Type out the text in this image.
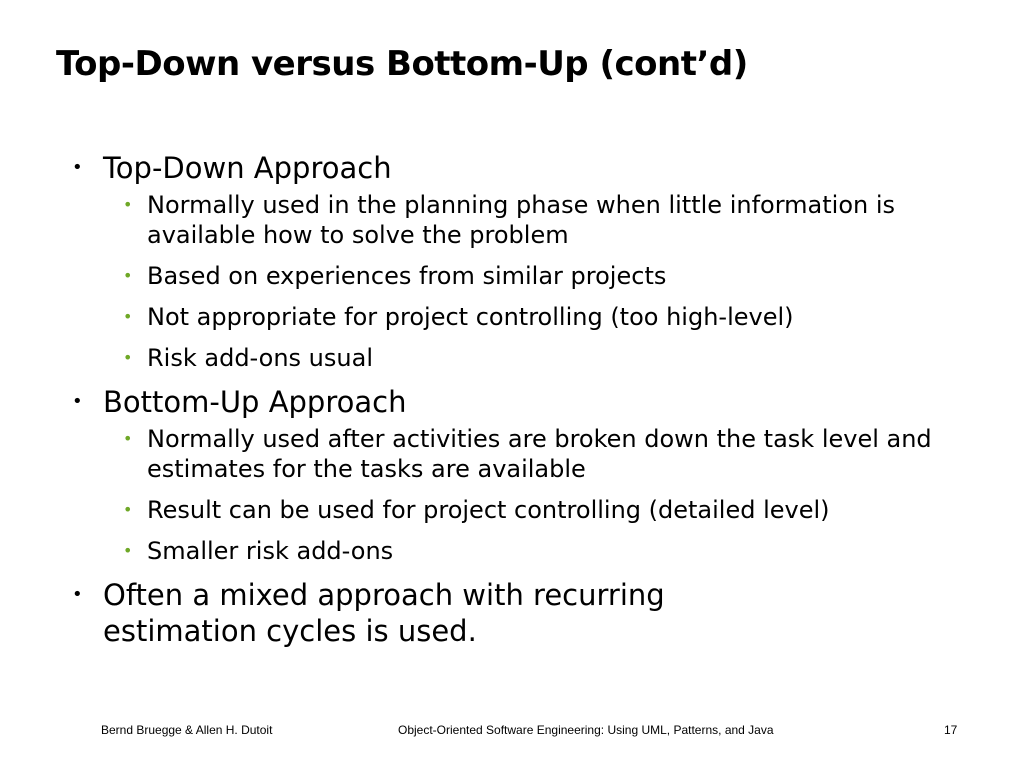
Top-Down versus Bottom-Up (cont’d)
• Top-Down Approach
• Normally used in the planning phase when little information is available how to solve the problem
• Based on experiences from similar projects
• Not appropriate for project controlling (too high-level)
• Risk add-ons usual
• Bottom-Up Approach
• Normally used after activities are broken down the task level and estimates for the tasks are available
• Result can be used for project controlling (detailed level)
• Smaller risk add-ons
• Often a mixed approach with recurring estimation cycles is used.
Bernd Bruegge & Allen H. Dutoit	Object-Oriented Software Engineering: Using UML, Patterns, and Java	17
